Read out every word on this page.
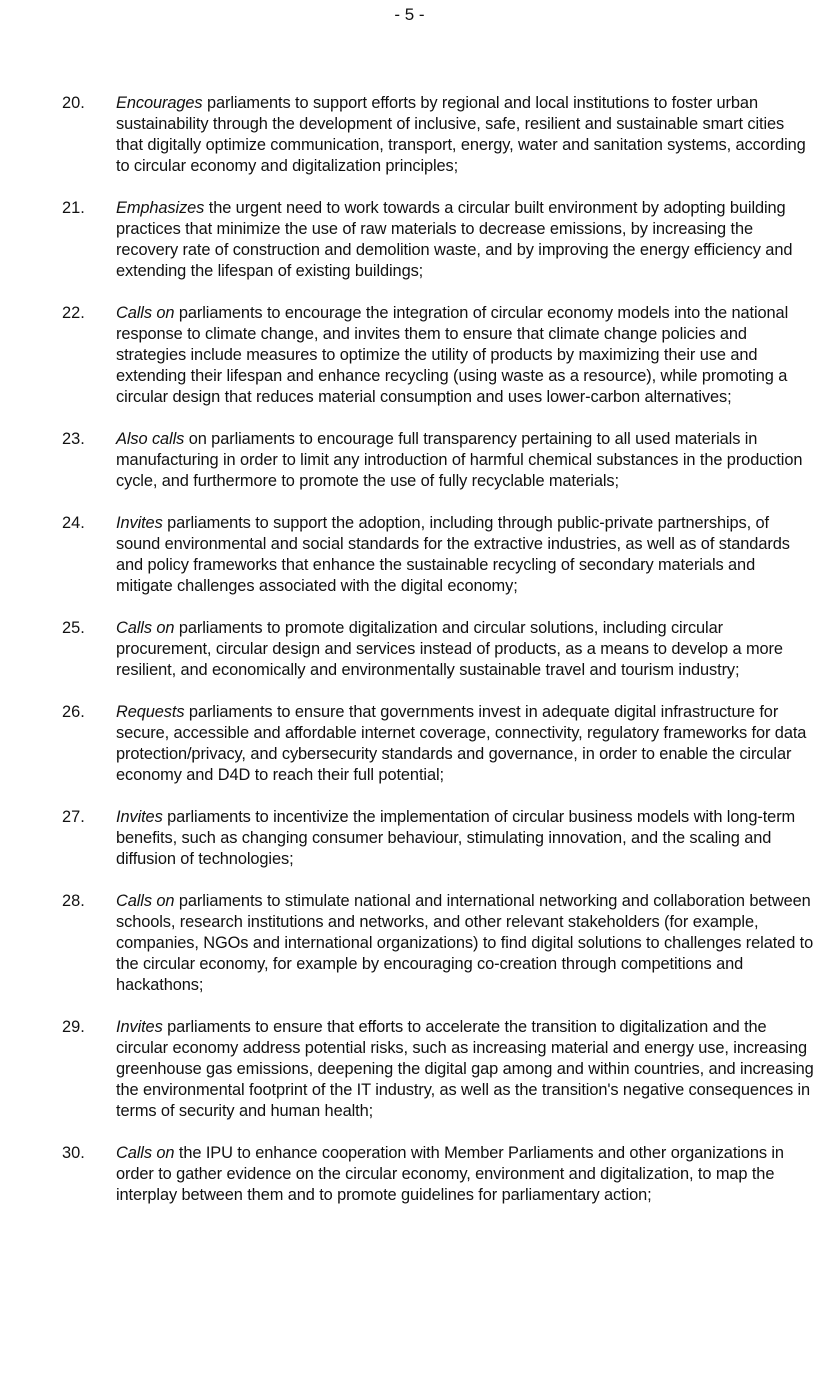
- 5 -
20.	Encourages parliaments to support efforts by regional and local institutions to foster urban sustainability through the development of inclusive, safe, resilient and sustainable smart cities that digitally optimize communication, transport, energy, water and sanitation systems, according to circular economy and digitalization principles;
21.	Emphasizes the urgent need to work towards a circular built environment by adopting building practices that minimize the use of raw materials to decrease emissions, by increasing the recovery rate of construction and demolition waste, and by improving the energy efficiency and extending the lifespan of existing buildings;
22.	Calls on parliaments to encourage the integration of circular economy models into the national response to climate change, and invites them to ensure that climate change policies and strategies include measures to optimize the utility of products by maximizing their use and extending their lifespan and enhance recycling (using waste as a resource), while promoting a circular design that reduces material consumption and uses lower-carbon alternatives;
23.	Also calls on parliaments to encourage full transparency pertaining to all used materials in manufacturing in order to limit any introduction of harmful chemical substances in the production cycle, and furthermore to promote the use of fully recyclable materials;
24.	Invites parliaments to support the adoption, including through public-private partnerships, of sound environmental and social standards for the extractive industries, as well as of standards and policy frameworks that enhance the sustainable recycling of secondary materials and mitigate challenges associated with the digital economy;
25.	Calls on parliaments to promote digitalization and circular solutions, including circular procurement, circular design and services instead of products, as a means to develop a more resilient, and economically and environmentally sustainable travel and tourism industry;
26.	Requests parliaments to ensure that governments invest in adequate digital infrastructure for secure, accessible and affordable internet coverage, connectivity, regulatory frameworks for data protection/privacy, and cybersecurity standards and governance, in order to enable the circular economy and D4D to reach their full potential;
27.	Invites parliaments to incentivize the implementation of circular business models with long-term benefits, such as changing consumer behaviour, stimulating innovation, and the scaling and diffusion of technologies;
28.	Calls on parliaments to stimulate national and international networking and collaboration between schools, research institutions and networks, and other relevant stakeholders (for example, companies, NGOs and international organizations) to find digital solutions to challenges related to the circular economy, for example by encouraging co-creation through competitions and hackathons;
29.	Invites parliaments to ensure that efforts to accelerate the transition to digitalization and the circular economy address potential risks, such as increasing material and energy use, increasing greenhouse gas emissions, deepening the digital gap among and within countries, and increasing the environmental footprint of the IT industry, as well as the transition's negative consequences in terms of security and human health;
30.	Calls on the IPU to enhance cooperation with Member Parliaments and other organizations in order to gather evidence on the circular economy, environment and digitalization, to map the interplay between them and to promote guidelines for parliamentary action;
